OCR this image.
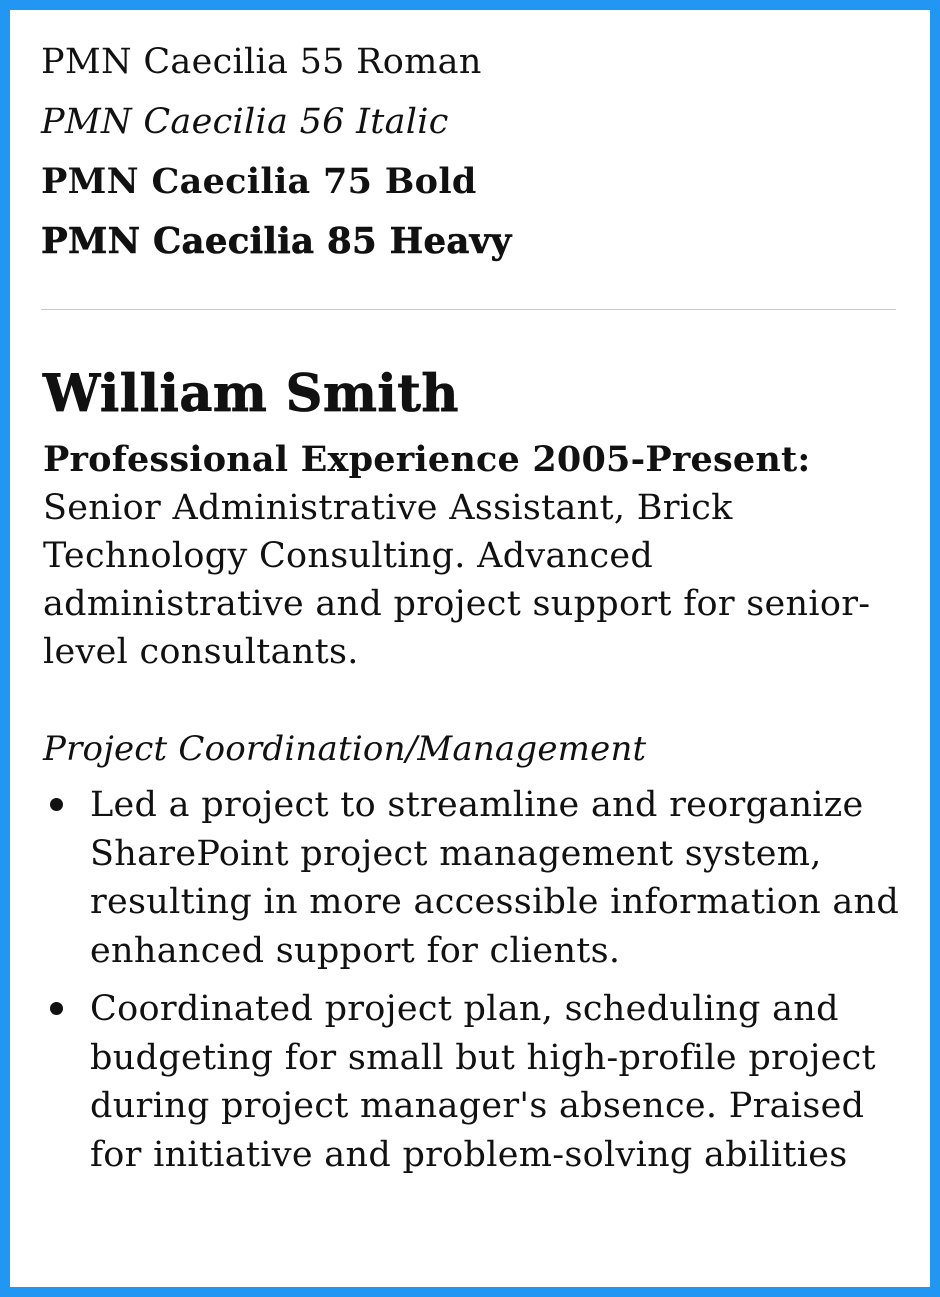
PMN Caecilia 55 Roman
PMN Caecilia 56 Italic
PMN Caecilia 75 Bold
PMN Caecilia 85 Heavy
William Smith
Professional Experience 2005-Present:

Senior Administrative Assistant, Brick Technology Consulting. Advanced administrative and project support for senior-level consultants.

Project Coordination/Management
Led a project to streamline and reorganize SharePoint project management system, resulting in more accessible information and enhanced support for clients.
Coordinated project plan, scheduling and budgeting for small but high-profile project during project manager's absence. Praised for initiative and problem-solving abilities
